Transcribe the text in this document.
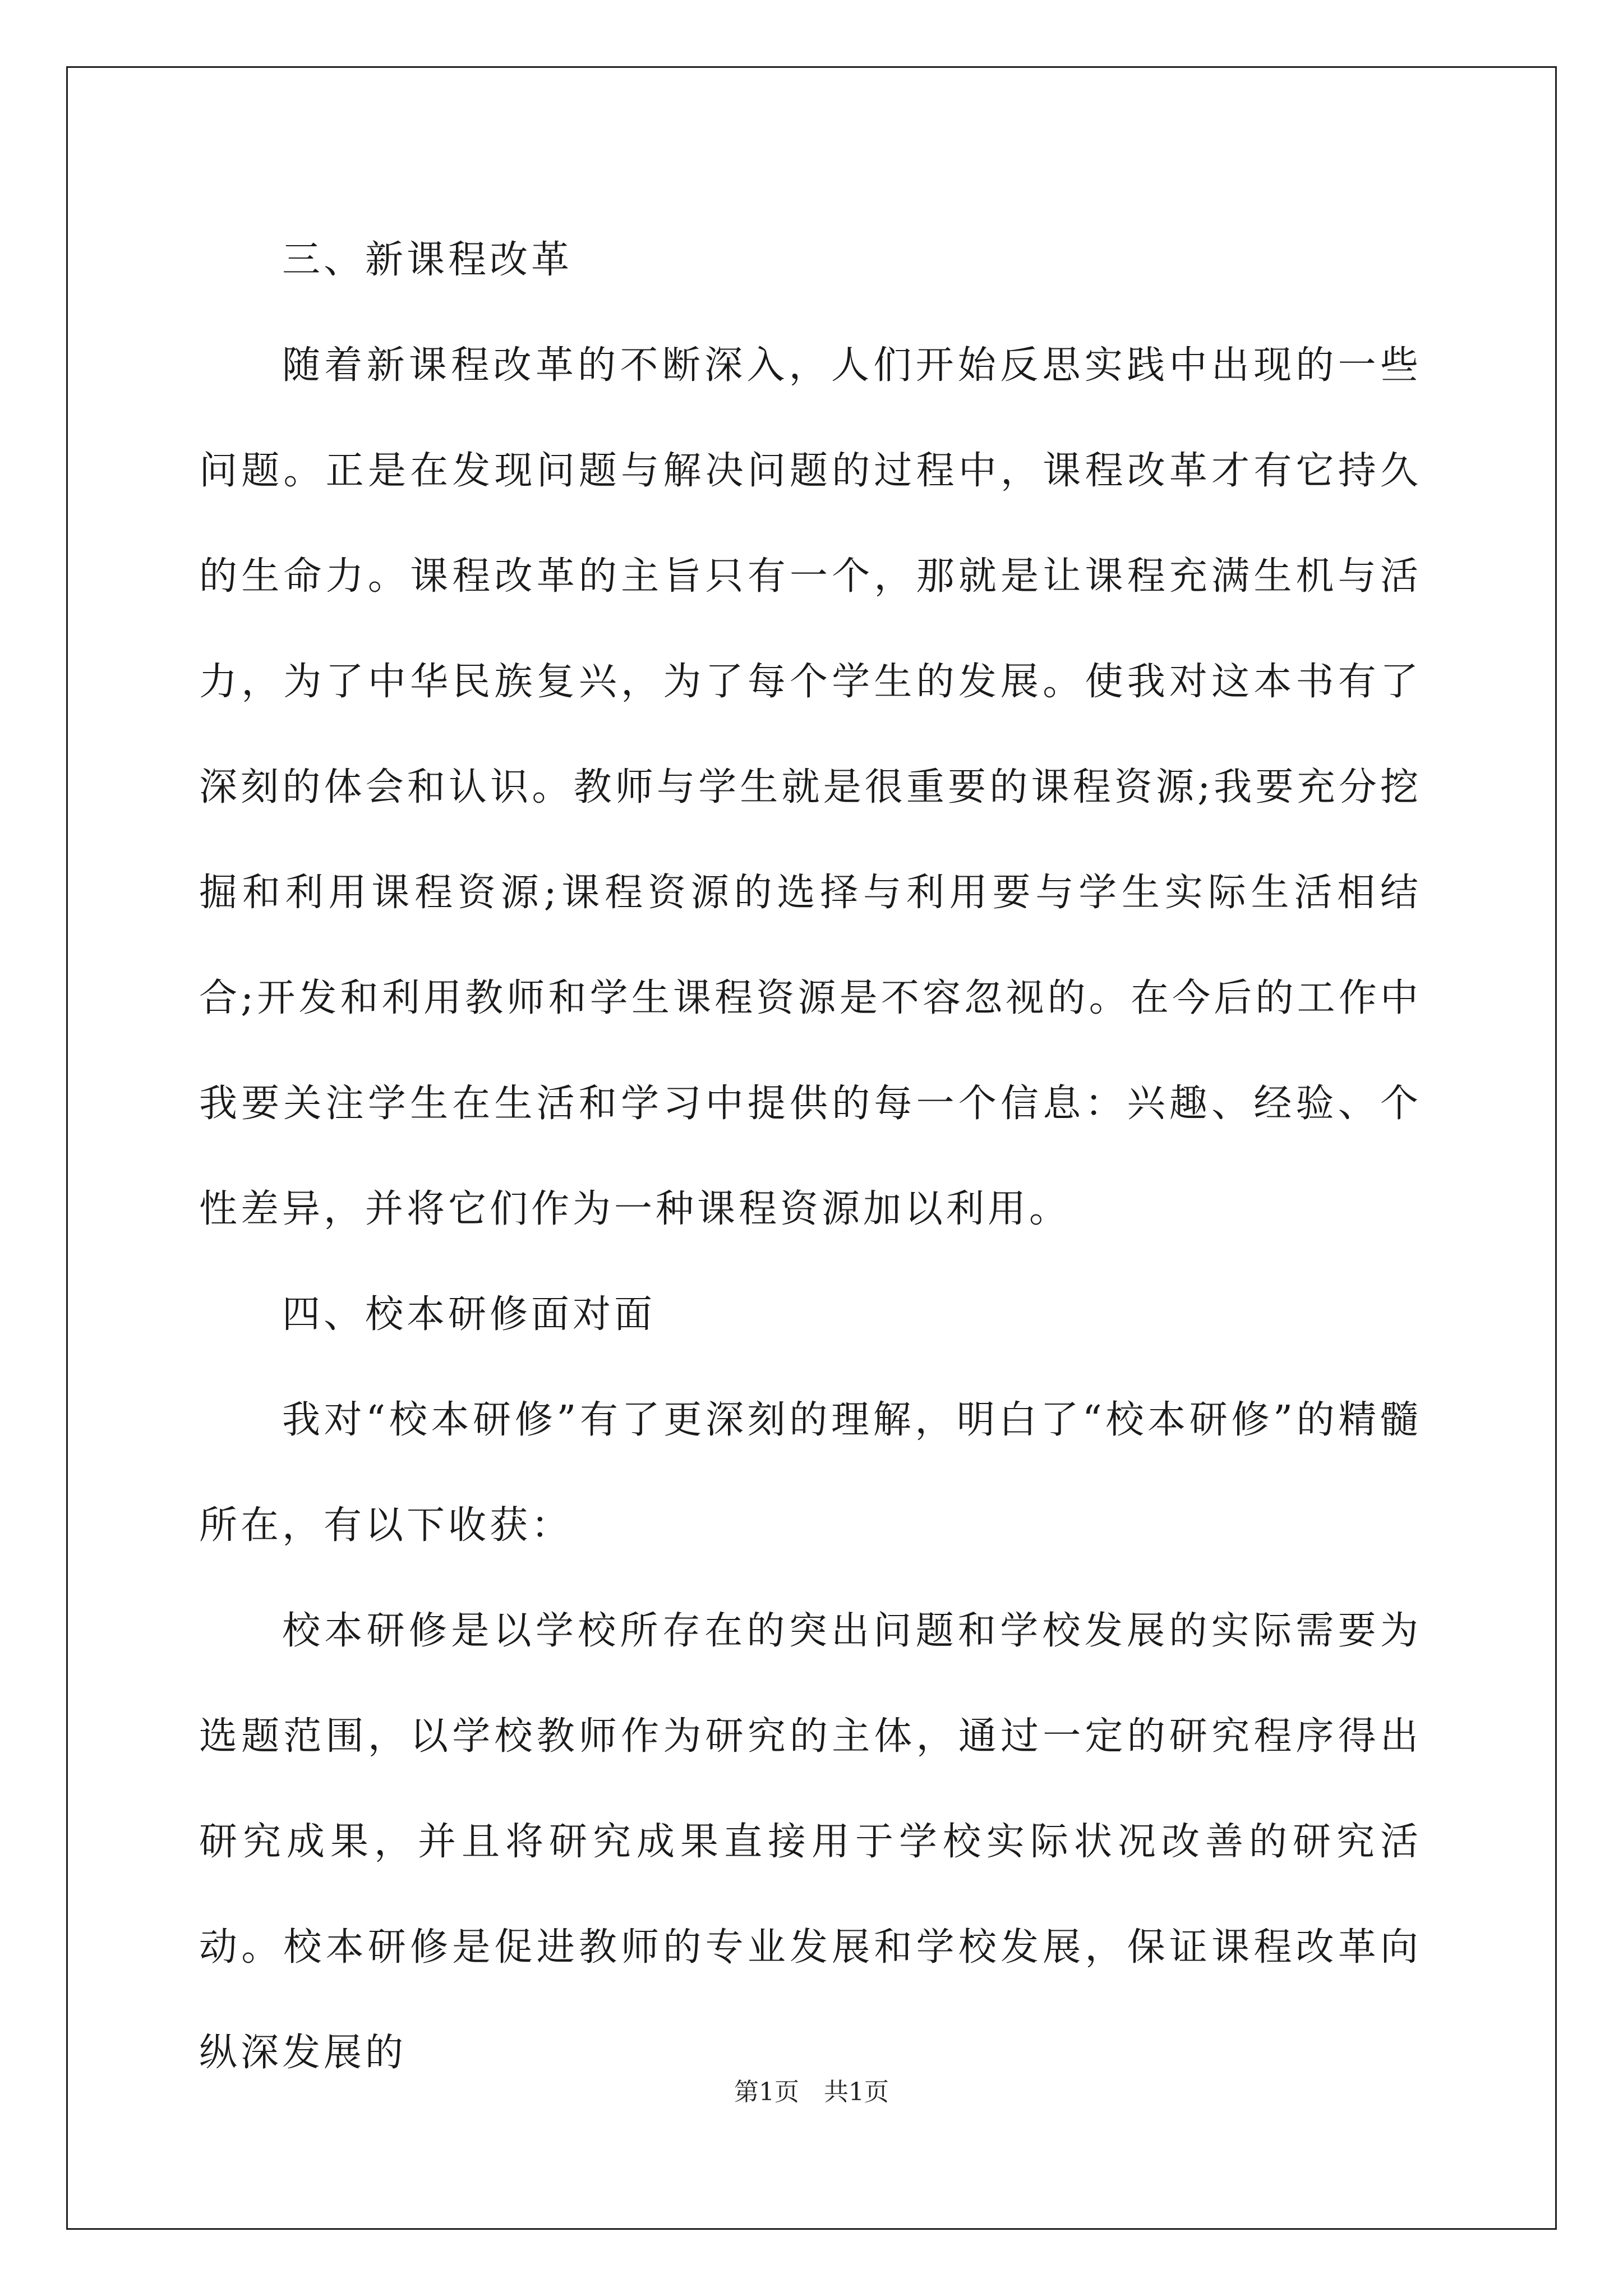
三、新课程改革

随着新课程改革的不断深入，人们开始反思实践中出现的一些问题。正是在发现问题与解决问题的过程中，课程改革才有它持久的生命力。课程改革的主旨只有一个，那就是让课程充满生机与活力，为了中华民族复兴，为了每个学生的发展。使我对这本书有了深刻的体会和认识。教师与学生就是很重要的课程资源;我要充分挖掘和利用课程资源;课程资源的选择与利用要与学生实际生活相结合;开发和利用教师和学生课程资源是不容忽视的。在今后的工作中我要关注学生在生活和学习中提供的每一个信息：兴趣、经验、个性差异，并将它们作为一种课程资源加以利用。

四、校本研修面对面

我对“校本研修”有了更深刻的理解，明白了“校本研修”的精髓所在，有以下收获：

校本研修是以学校所存在的突出问题和学校发展的实际需要为选题范围，以学校教师作为研究的主体，通过一定的研究程序得出研究成果，并且将研究成果直接用于学校实际状况改善的研究活动。校本研修是促进教师的专业发展和学校发展，保证课程改革向纵深发展的

第1页　共1页
